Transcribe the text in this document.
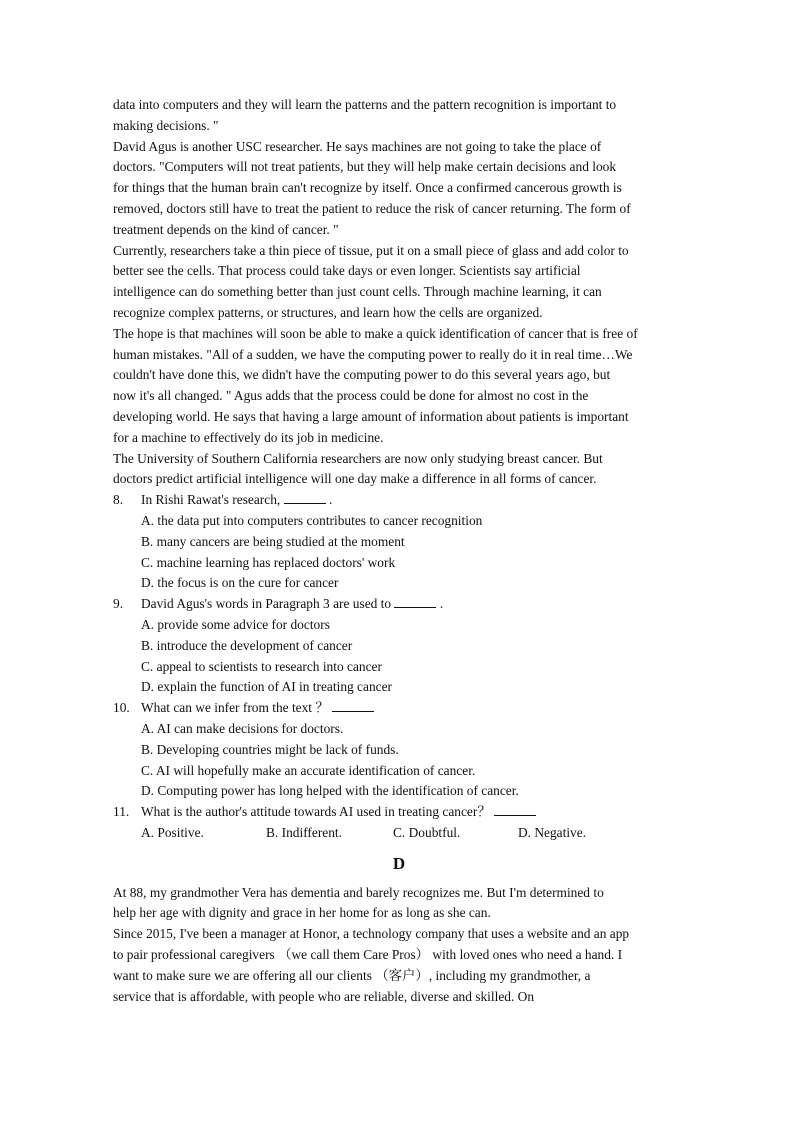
data into computers and they will learn the patterns and the pattern recognition is important to
making decisions. "
David Agus is another USC researcher. He says machines are not going to take the place of
doctors. "Computers will not treat patients, but they will help make certain decisions and look
for things that the human brain can't recognize by itself. Once a confirmed cancerous growth is
removed, doctors still have to treat the patient to reduce the risk of cancer returning. The form of
treatment depends on the kind of cancer. "
Currently, researchers take a thin piece of tissue, put it on a small piece of glass and add color to
better see the cells. That process could take days or even longer. Scientists say artificial
intelligence can do something better than just count cells. Through machine learning, it can
recognize complex patterns, or structures, and learn how the cells are organized.
The hope is that machines will soon be able to make a quick identification of cancer that is free of
human mistakes. "All of a sudden, we have the computing power to really do it in real time…We
couldn't have done this, we didn't have the computing power to do this several years ago, but
now it's all changed. " Agus adds that the process could be done for almost no cost in the
developing world. He says that having a large amount of information about patients is important
for a machine to effectively do its job in medicine.
The University of Southern California researchers are now only studying breast cancer. But
doctors predict artificial intelligence will one day make a difference in all forms of cancer.
8. In Rishi Rawat's research,	.
A. the data put into computers contributes to cancer recognition
B. many cancers are being studied at the moment
C. machine learning has replaced doctors' work
D. the focus is on the cure for cancer
9. David Agus's words in Paragraph 3 are used to	.
A. provide some advice for doctors
B. introduce the development of cancer
C. appeal to scientists to research into cancer
D. explain the function of AI in treating cancer
10. What can we infer from the text ？
A. AI can make decisions for doctors.
B. Developing countries might be lack of funds.
C. AI will hopefully make an accurate identification of cancer.
D. Computing power has long helped with the identification of cancer.
11. What is the author's attitude towards AI used in treating cancer？
A. Positive.	B. Indifferent.	C. Doubtful.	D. Negative.
D
At 88, my grandmother Vera has dementia and barely recognizes me. But I'm determined to
help her age with dignity and grace in her home for as long as she can.
Since 2015, I've been a manager at Honor, a technology company that uses a website and an app
to pair professional caregivers （we call them Care Pros） with loved ones who need a hand. I
want to make sure we are offering all our clients （客户）, including my grandmother, a
service that is affordable, with people who are reliable, diverse and skilled. On
